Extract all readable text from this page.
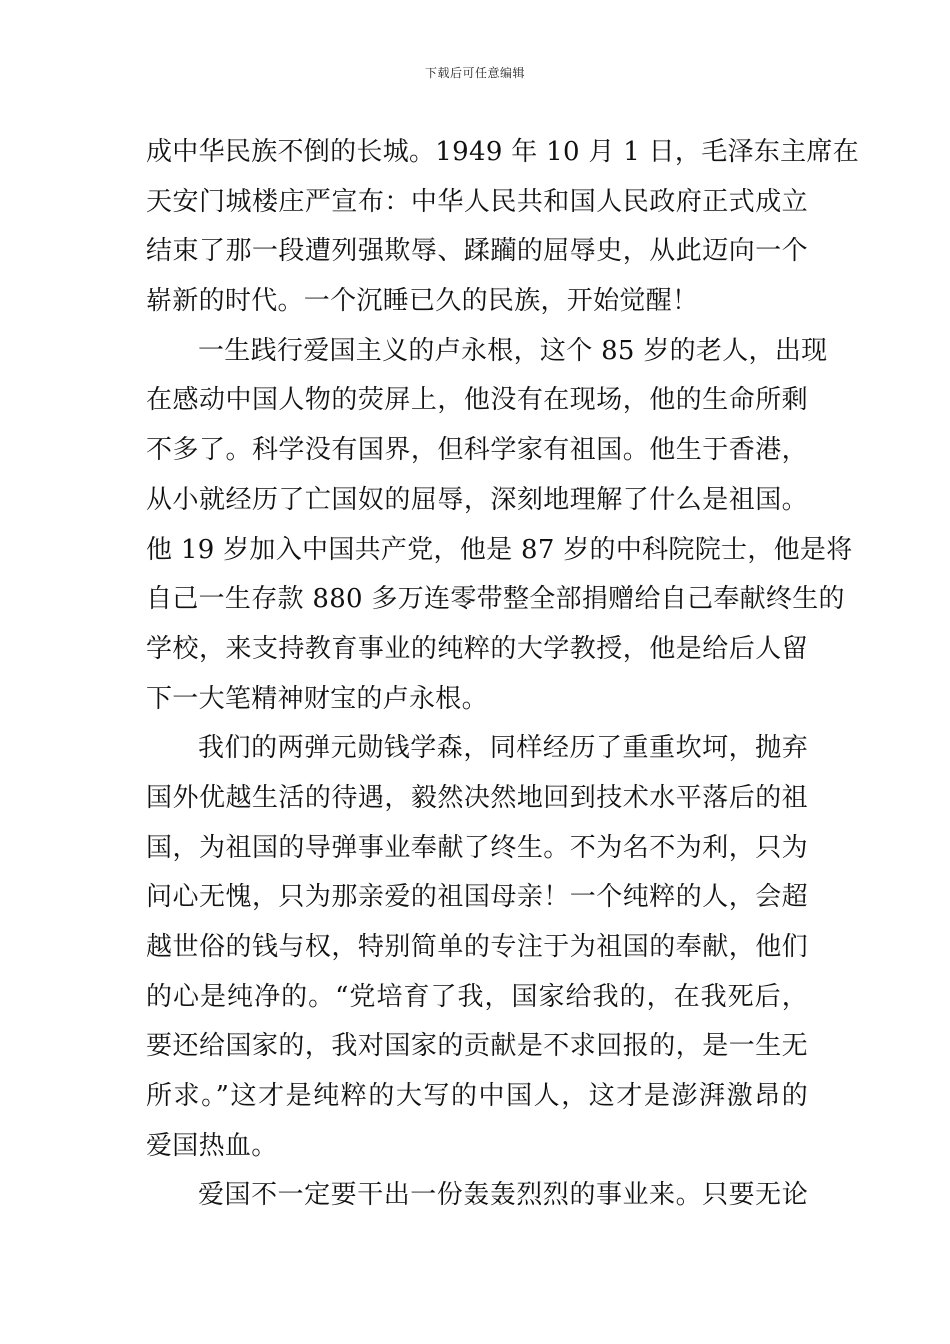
下载后可任意编辑
成中华民族不倒的长城。1949 年 10 月 1 日，毛泽东主席在
天安门城楼庄严宣布：中华人民共和国人民政府正式成立
结束了那一段遭列强欺辱、蹂躏的屈辱史，从此迈向一个
崭新的时代。一个沉睡已久的民族，开始觉醒！
一生践行爱国主义的卢永根，这个 85 岁的老人，出现
在感动中国人物的荧屏上，他没有在现场，他的生命所剩
不多了。科学没有国界，但科学家有祖国。他生于香港，
从小就经历了亡国奴的屈辱，深刻地理解了什么是祖国。
他 19 岁加入中国共产党，他是 87 岁的中科院院士，他是将
自己一生存款 880 多万连零带整全部捐赠给自己奉献终生的
学校，来支持教育事业的纯粹的大学教授，他是给后人留
下一大笔精神财宝的卢永根。
我们的两弹元勋钱学森，同样经历了重重坎坷，抛弃
国外优越生活的待遇，毅然决然地回到技术水平落后的祖
国，为祖国的导弹事业奉献了终生。不为名不为利，只为
问心无愧，只为那亲爱的祖国母亲！一个纯粹的人，会超
越世俗的钱与权，特别简单的专注于为祖国的奉献，他们
的心是纯净的。“党培育了我，国家给我的，在我死后，
要还给国家的，我对国家的贡献是不求回报的，是一生无
所求。”这才是纯粹的大写的中国人，这才是澎湃激昂的
爱国热血。
爱国不一定要干出一份轰轰烈烈的事业来。只要无论
